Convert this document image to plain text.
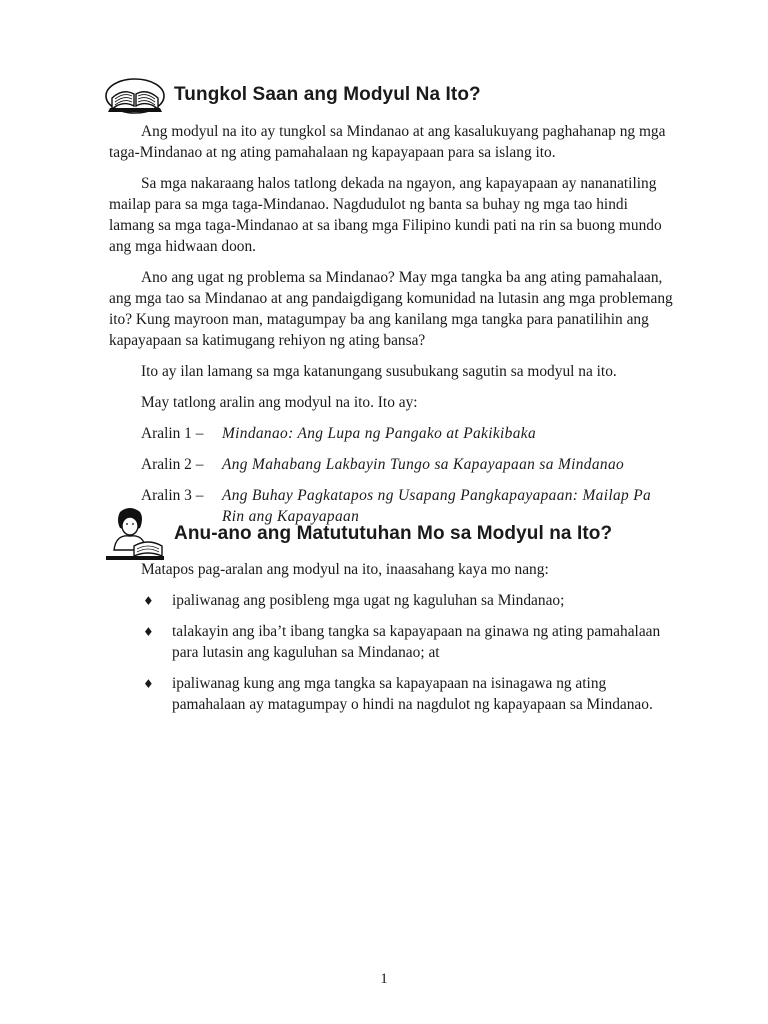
Tungkol Saan ang Modyul Na Ito?

Ang modyul na ito ay tungkol sa Mindanao at ang kasalukuyang paghahanap ng mga taga-Mindanao at ng ating pamahalaan ng kapayapaan para sa islang ito.

Sa mga nakaraang halos tatlong dekada na ngayon, ang kapayapaan ay nananatiling mailap para sa mga taga-Mindanao. Nagdudulot ng banta sa buhay ng mga tao hindi lamang sa mga taga-Mindanao at sa ibang mga Filipino kundi pati na rin sa buong mundo ang mga hidwaan doon.

Ano ang ugat ng problema sa Mindanao? May mga tangka ba ang ating pamahalaan, ang mga tao sa Mindanao at ang pandaigdigang komunidad na lutasin ang mga problemang ito? Kung mayroon man, matagumpay ba ang kanilang mga tangka para panatilihin ang kapayapaan sa katimugang rehiyon ng ating bansa?

Ito ay ilan lamang sa mga katanungang susubukang sagutin sa modyul na ito.

May tatlong aralin ang modyul na ito. Ito ay:

Aralin 1 –	Mindanao: Ang Lupa ng Pangako at Pakikibaka
Aralin 2 –	Ang Mahabang Lakbayin Tungo sa Kapayapaan sa Mindanao
Aralin 3 –	Ang Buhay Pagkatapos ng Usapang Pangkapayapaan: Mailap Pa Rin ang Kapayapaan
Anu-ano ang Matututuhan Mo sa Modyul na Ito?

Matapos pag-aralan ang modyul na ito, inaasahang kaya mo nang:

♦ ipaliwanag ang posibleng mga ugat ng kaguluhan sa Mindanao;
♦ talakayin ang iba’t ibang tangka sa kapayapaan na ginawa ng ating pamahalaan para lutasin ang kaguluhan sa Mindanao; at
♦ ipaliwanag kung ang mga tangka sa kapayapaan na isinagawa ng ating pamahalaan ay matagumpay o hindi na nagdulot ng kapayapaan sa Mindanao.
1
